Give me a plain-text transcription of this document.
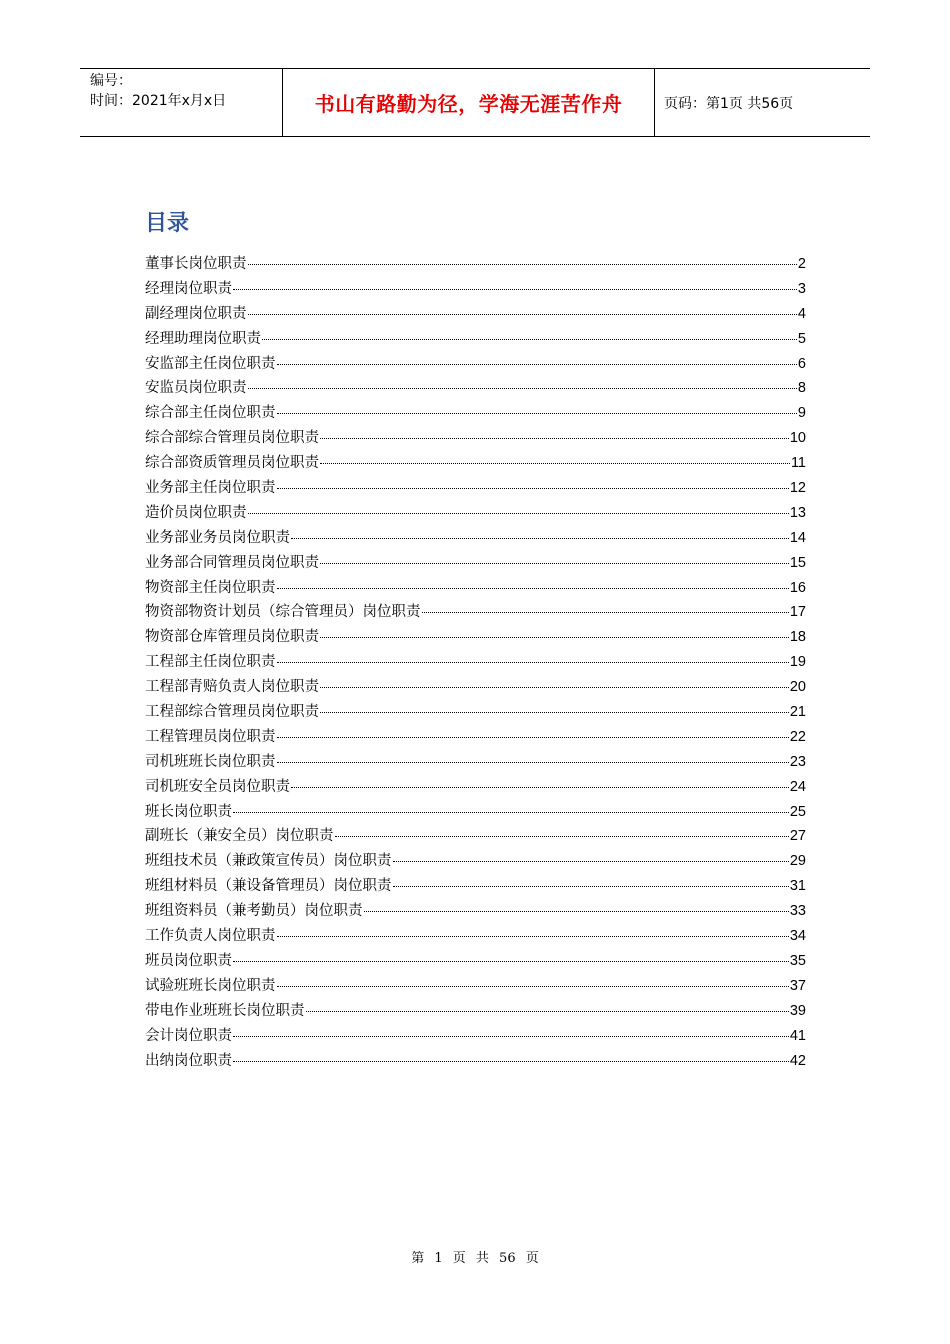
编号：
时间：2021年x月x日	书山有路勤为径，学海无涯苦作舟	页码：第1页 共56页
目录
董事长岗位职责	2
经理岗位职责	3
副经理岗位职责	4
经理助理岗位职责	5
安监部主任岗位职责	6
安监员岗位职责	8
综合部主任岗位职责	9
综合部综合管理员岗位职责	10
综合部资质管理员岗位职责	11
业务部主任岗位职责	12
造价员岗位职责	13
业务部业务员岗位职责	14
业务部合同管理员岗位职责	15
物资部主任岗位职责	16
物资部物资计划员（综合管理员）岗位职责	17
物资部仓库管理员岗位职责	18
工程部主任岗位职责	19
工程部青赔负责人岗位职责	20
工程部综合管理员岗位职责	21
工程管理员岗位职责	22
司机班班长岗位职责	23
司机班安全员岗位职责	24
班长岗位职责	25
副班长（兼安全员）岗位职责	27
班组技术员（兼政策宣传员）岗位职责	29
班组材料员（兼设备管理员）岗位职责	31
班组资料员（兼考勤员）岗位职责	33
工作负责人岗位职责	34
班员岗位职责	35
试验班班长岗位职责	37
带电作业班班长岗位职责	39
会计岗位职责	41
出纳岗位职责	42
第 1 页 共 56 页
